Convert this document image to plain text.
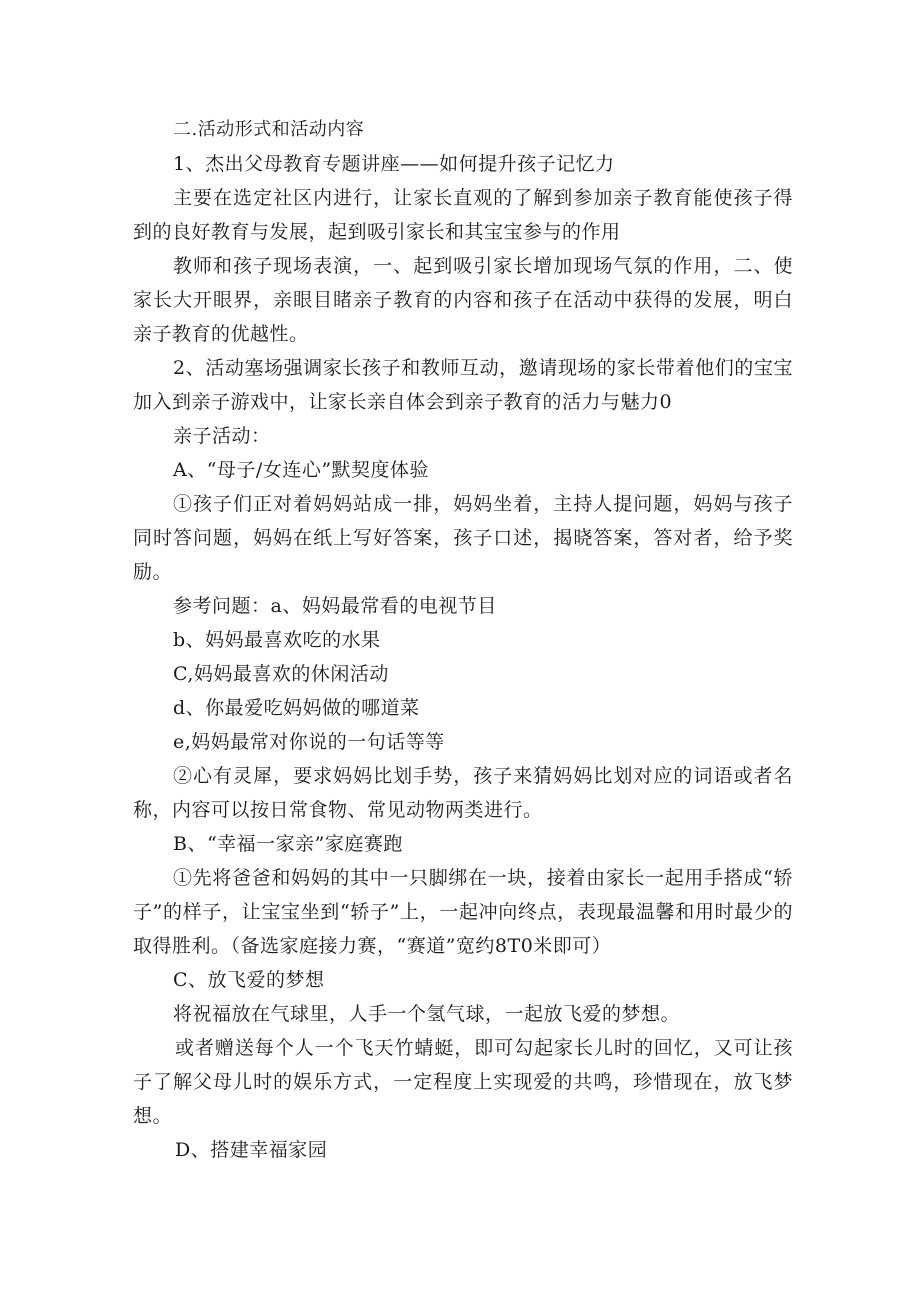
二.活动形式和活动内容

1、杰出父母教育专题讲座——如何提升孩子记忆力

主要在选定社区内进行，让家长直观的了解到参加亲子教育能使孩子得到的良好教育与发展，起到吸引家长和其宝宝参与的作用

教师和孩子现场表演，一、起到吸引家长增加现场气氛的作用，二、使家长大开眼界，亲眼目睹亲子教育的内容和孩子在活动中获得的发展，明白亲子教育的优越性。

2、活动塞场强调家长孩子和教师互动，邀请现场的家长带着他们的宝宝加入到亲子游戏中，让家长亲自体会到亲子教育的活力与魅力0

亲子活动：

A、“母子/女连心”默契度体验

①孩子们正对着妈妈站成一排，妈妈坐着，主持人提问题，妈妈与孩子同时答问题，妈妈在纸上写好答案，孩子口述，揭晓答案，答对者，给予奖励。

参考问题：a、妈妈最常看的电视节目

b、妈妈最喜欢吃的水果

C,妈妈最喜欢的休闲活动

d、你最爱吃妈妈做的哪道菜

e,妈妈最常对你说的一句话等等

②心有灵犀，要求妈妈比划手势，孩子来猜妈妈比划对应的词语或者名称，内容可以按日常食物、常见动物两类进行。

B、“幸福一家亲”家庭赛跑

①先将爸爸和妈妈的其中一只脚绑在一块，接着由家长一起用手搭成“轿子”的样子，让宝宝坐到“轿子”上，一起冲向终点，表现最温馨和用时最少的取得胜利。（备选家庭接力赛，“赛道”宽约8T0米即可）

C、放飞爱的梦想

将祝福放在气球里，人手一个氢气球，一起放飞爱的梦想。

或者赠送每个人一个飞天竹蜻蜓，即可勾起家长儿时的回忆，又可让孩子了解父母儿时的娱乐方式，一定程度上实现爱的共鸣，珍惜现在，放飞梦想。

D、搭建幸福家园
